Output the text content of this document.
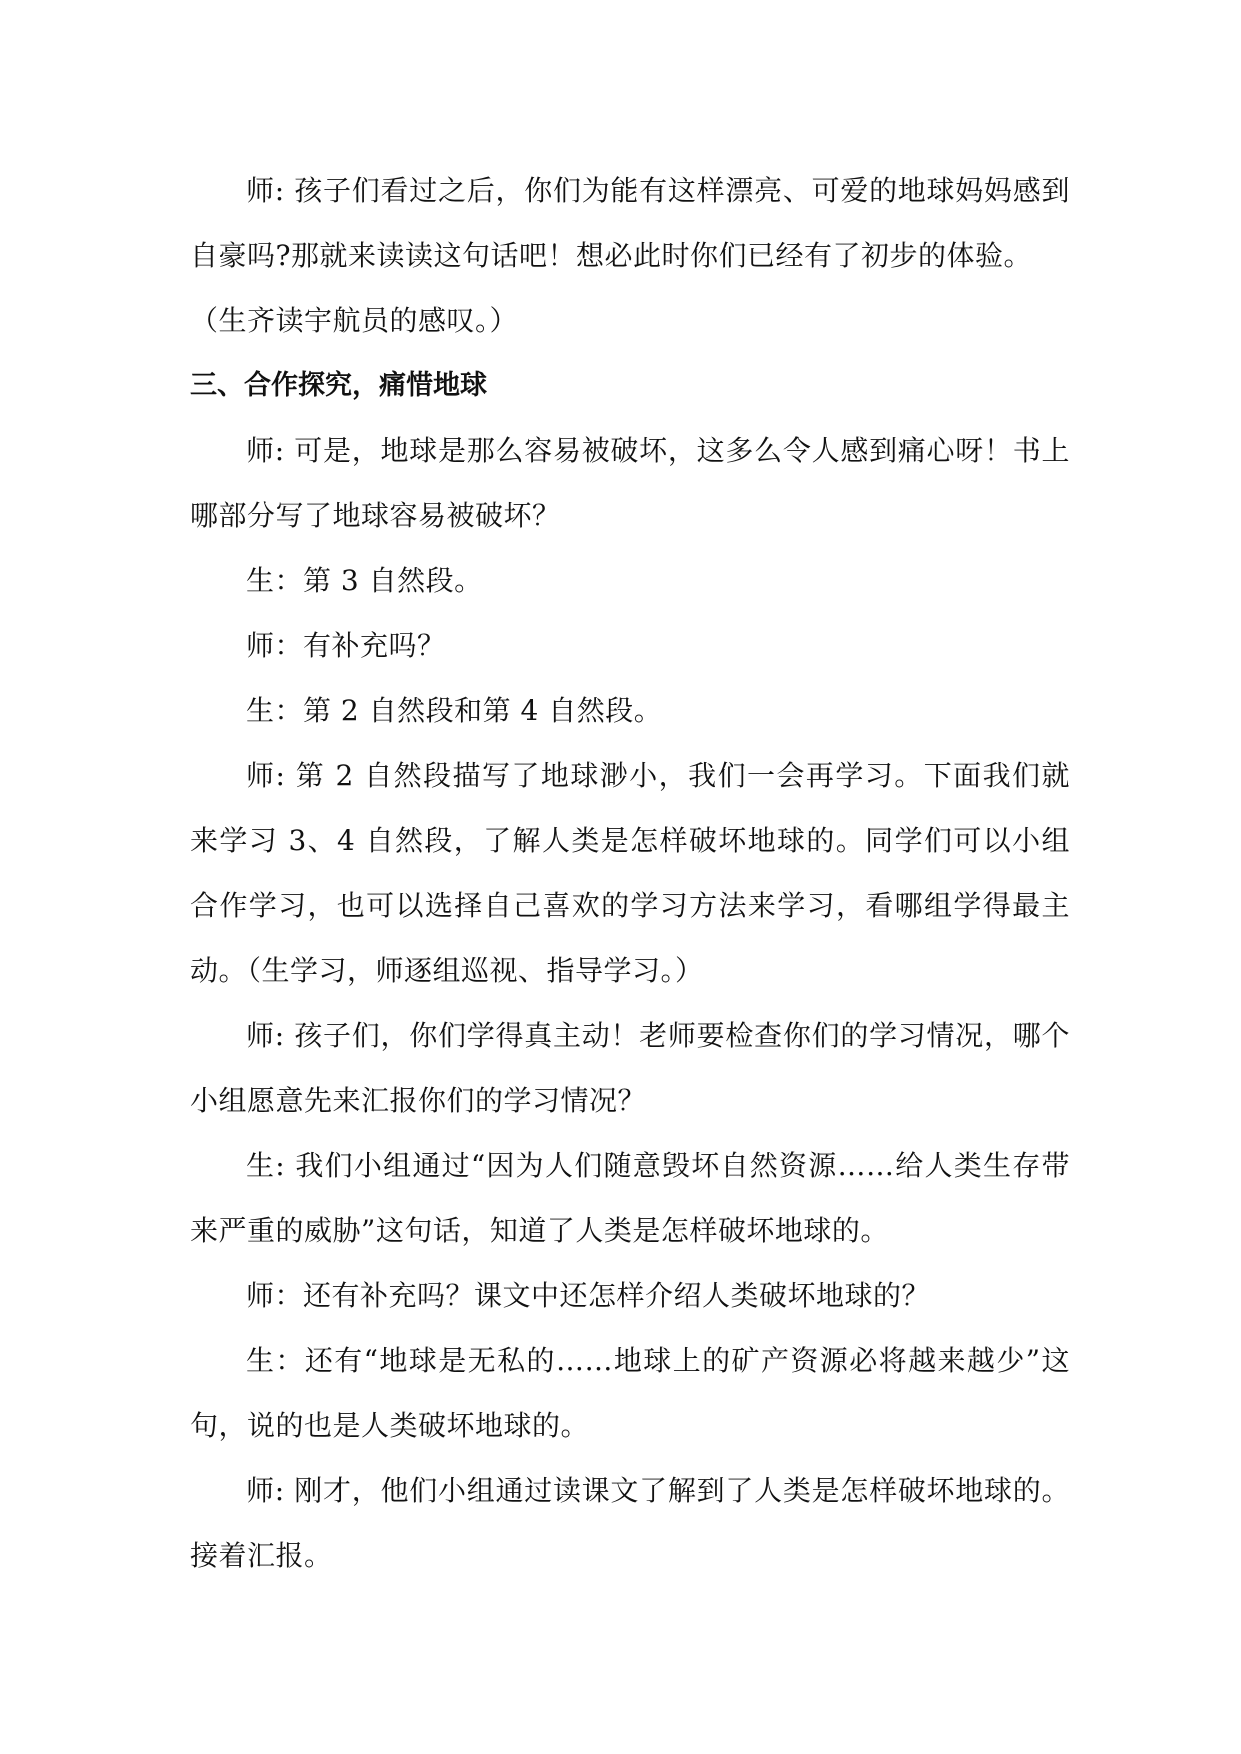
师: 孩子们看过之后，你们为能有这样漂亮、可爱的地球妈妈感到自豪吗?那就来读读这句话吧！想必此时你们已经有了初步的体验。

（生齐读宇航员的感叹。）

三、合作探究，痛惜地球

师: 可是，地球是那么容易被破坏，这多么令人感到痛心呀！书上哪部分写了地球容易被破坏？

生：第 3 自然段。

师：有补充吗？

生：第 2 自然段和第 4 自然段。

师: 第 2 自然段描写了地球渺小，我们一会再学习。下面我们就来学习 3、4 自然段，了解人类是怎样破坏地球的。同学们可以小组合作学习，也可以选择自己喜欢的学习方法来学习，看哪组学得最主动。（生学习，师逐组巡视、指导学习。）

师: 孩子们，你们学得真主动！老师要检查你们的学习情况，哪个小组愿意先来汇报你们的学习情况？

生: 我们小组通过“因为人们随意毁坏自然资源……给人类生存带来严重的威胁”这句话，知道了人类是怎样破坏地球的。

师：还有补充吗？课文中还怎样介绍人类破坏地球的？

生：还有“地球是无私的……地球上的矿产资源必将越来越少”这句，说的也是人类破坏地球的。

师: 刚才，他们小组通过读课文了解到了人类是怎样破坏地球的。接着汇报。
